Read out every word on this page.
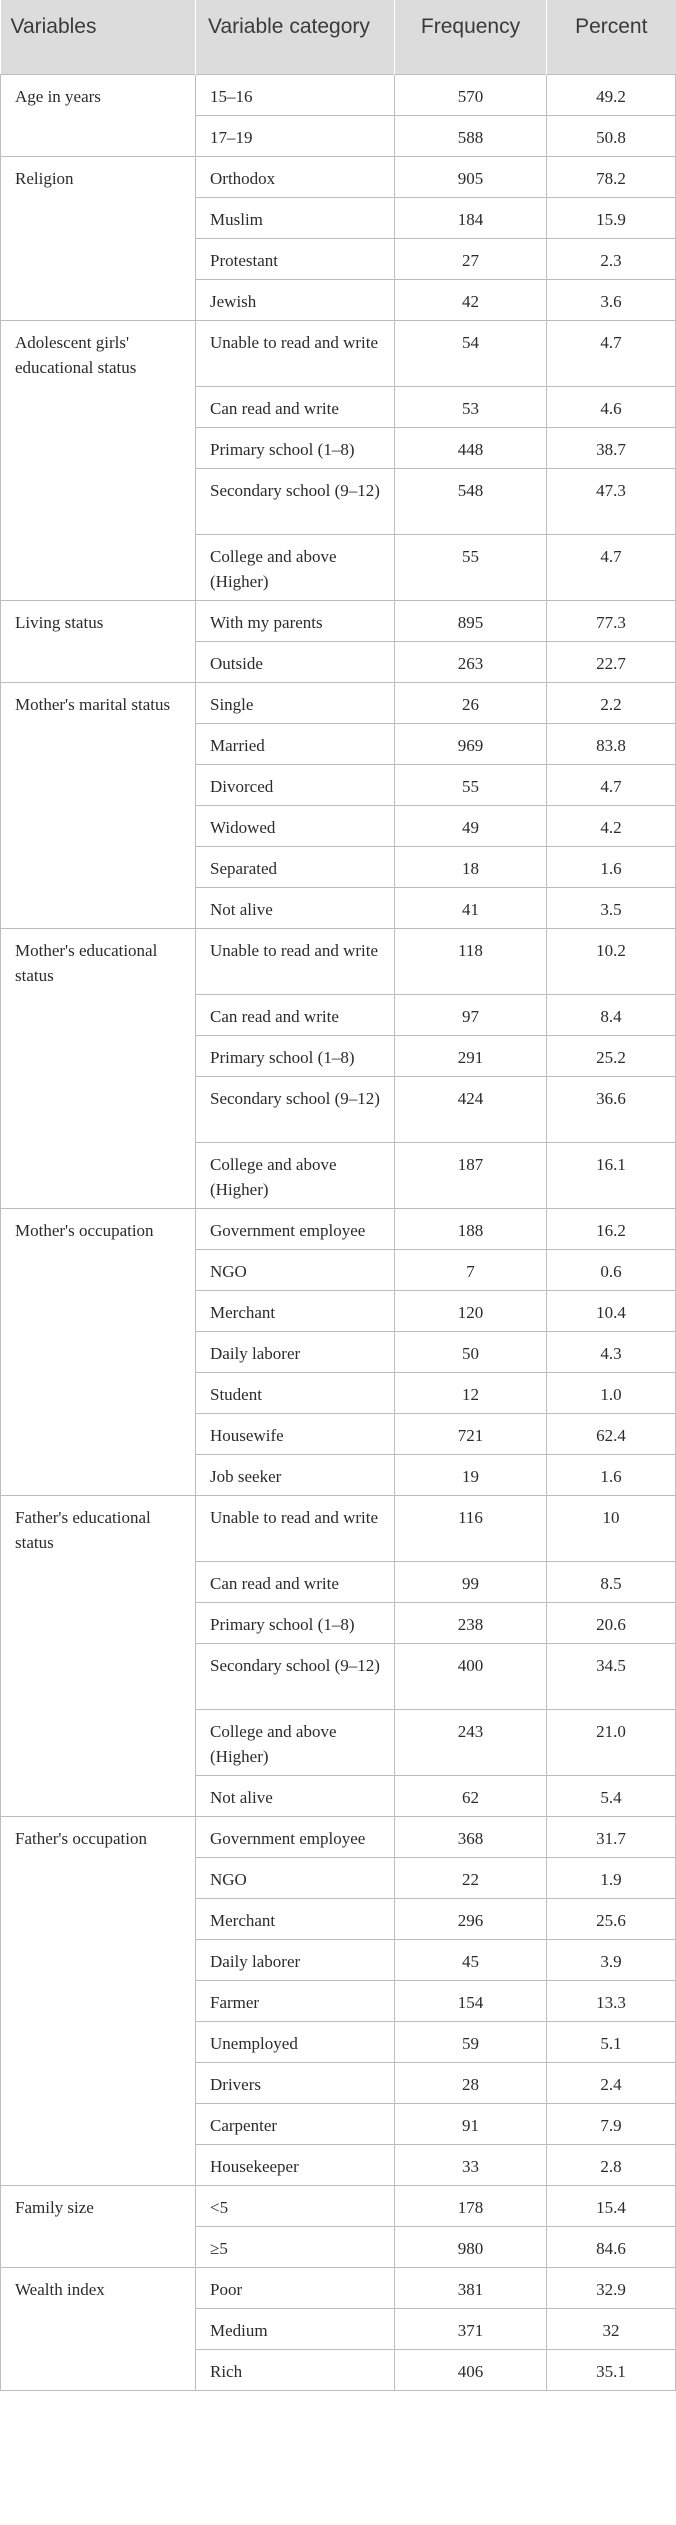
Variables	Variable category	Frequency	Percent
Age in years	15–16	570	49.2
	17–19	588	50.8
Religion	Orthodox	905	78.2
	Muslim	184	15.9
	Protestant	27	2.3
	Jewish	42	3.6
Adolescent girls' educational status	Unable to read and write	54	4.7
	Can read and write	53	4.6
	Primary school (1–8)	448	38.7
	Secondary school (9–12)	548	47.3
	College and above (Higher)	55	4.7
Living status	With my parents	895	77.3
	Outside	263	22.7
Mother's marital status	Single	26	2.2
	Married	969	83.8
	Divorced	55	4.7
	Widowed	49	4.2
	Separated	18	1.6
	Not alive	41	3.5
Mother's educational status	Unable to read and write	118	10.2
	Can read and write	97	8.4
	Primary school (1–8)	291	25.2
	Secondary school (9–12)	424	36.6
	College and above (Higher)	187	16.1
Mother's occupation	Government employee	188	16.2
	NGO	7	0.6
	Merchant	120	10.4
	Daily laborer	50	4.3
	Student	12	1.0
	Housewife	721	62.4
	Job seeker	19	1.6
Father's educational status	Unable to read and write	116	10
	Can read and write	99	8.5
	Primary school (1–8)	238	20.6
	Secondary school (9–12)	400	34.5
	College and above (Higher)	243	21.0
	Not alive	62	5.4
Father's occupation	Government employee	368	31.7
	NGO	22	1.9
	Merchant	296	25.6
	Daily laborer	45	3.9
	Farmer	154	13.3
	Unemployed	59	5.1
	Drivers	28	2.4
	Carpenter	91	7.9
	Housekeeper	33	2.8
Family size	<5	178	15.4
	≥5	980	84.6
Wealth index	Poor	381	32.9
	Medium	371	32
	Rich	406	35.1
